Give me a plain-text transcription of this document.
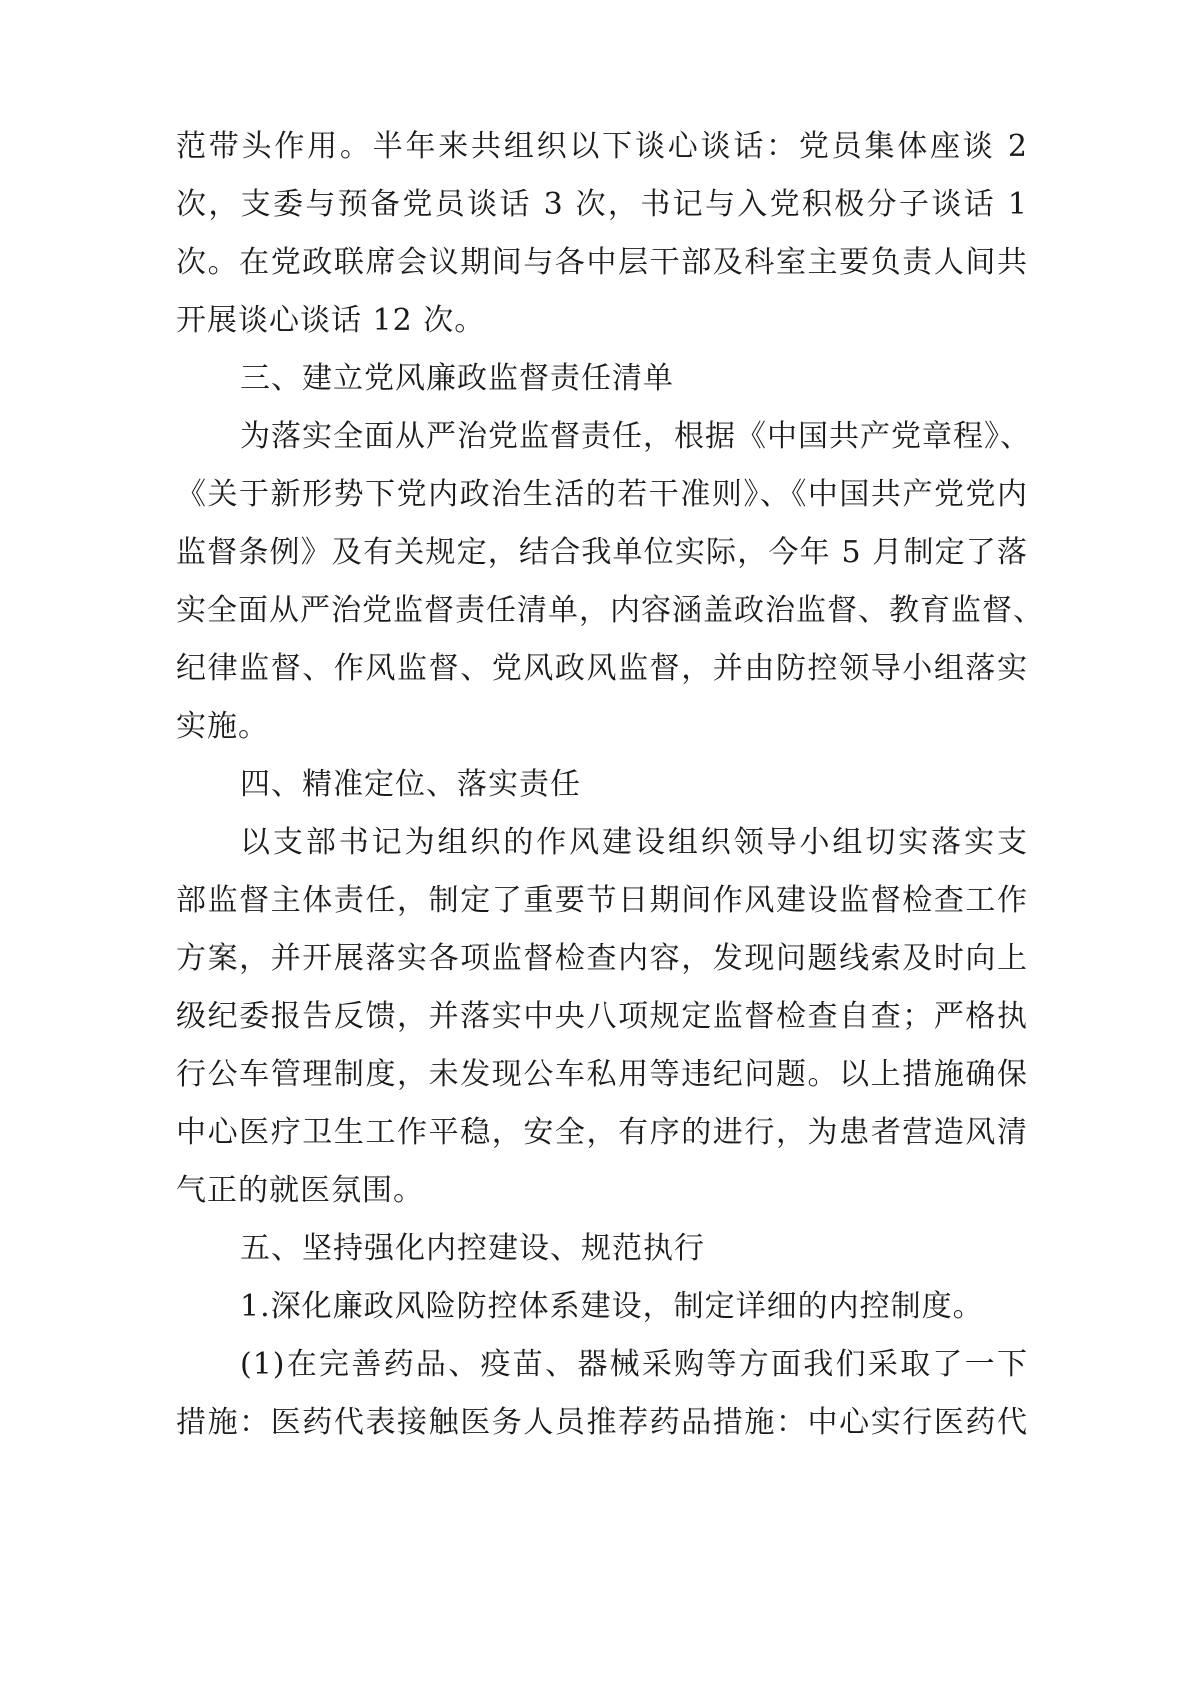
范带头作用。半年来共组织以下谈心谈话：党员集体座谈 2
次，支委与预备党员谈话 3 次，书记与入党积极分子谈话 1
次。在党政联席会议期间与各中层干部及科室主要负责人间共
开展谈心谈话 12 次。
三、建立党风廉政监督责任清单
为落实全面从严治党监督责任，根据《中国共产党章程》、
《关于新形势下党内政治生活的若干准则》、《中国共产党党内
监督条例》及有关规定，结合我单位实际，今年 5 月制定了落
实全面从严治党监督责任清单，内容涵盖政治监督、教育监督、
纪律监督、作风监督、党风政风监督，并由防控领导小组落实
实施。
四、精准定位、落实责任
以支部书记为组织的作风建设组织领导小组切实落实支
部监督主体责任，制定了重要节日期间作风建设监督检查工作
方案，并开展落实各项监督检查内容，发现问题线索及时向上
级纪委报告反馈，并落实中央八项规定监督检查自查；严格执
行公车管理制度，未发现公车私用等违纪问题。以上措施确保
中心医疗卫生工作平稳，安全，有序的进行，为患者营造风清
气正的就医氛围。
五、坚持强化内控建设、规范执行
1.深化廉政风险防控体系建设，制定详细的内控制度。
(1)在完善药品、疫苗、器械采购等方面我们采取了一下
措施：医药代表接触医务人员推荐药品措施：中心实行医药代
